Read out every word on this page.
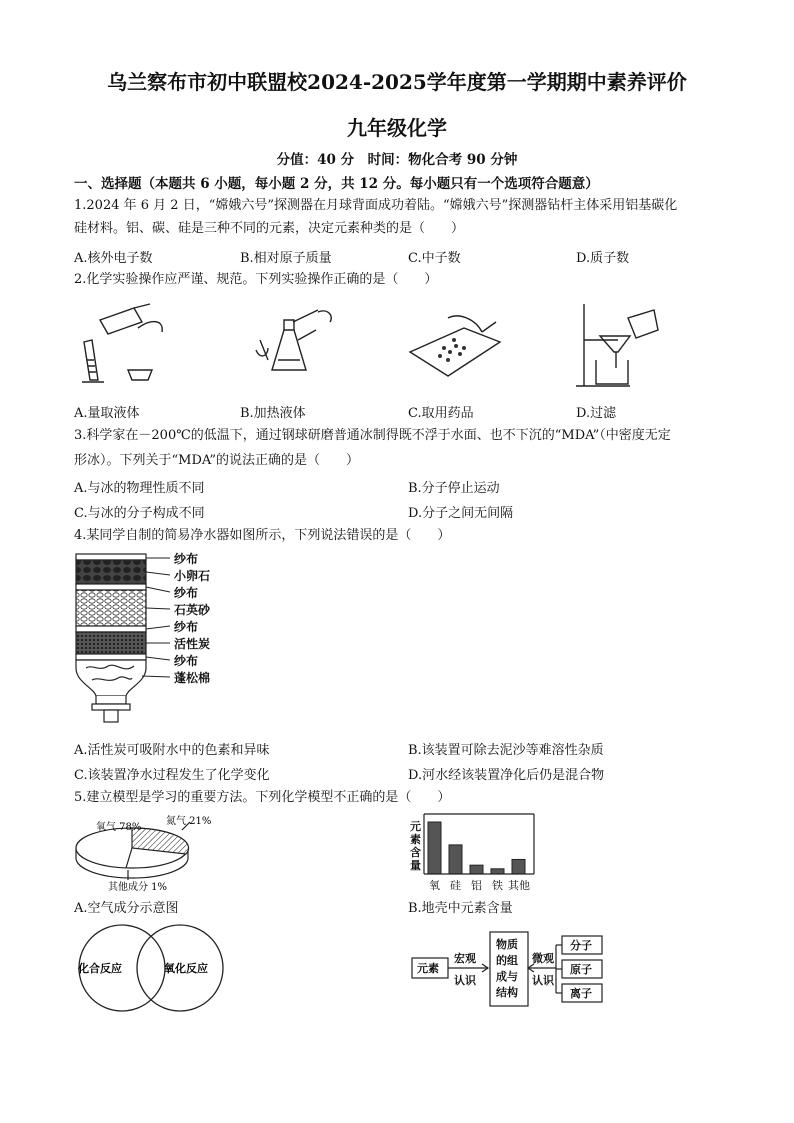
乌兰察布市初中联盟校2024-2025学年度第一学期期中素养评价
九年级化学
分值：40 分　时间：物化合考 90 分钟
一、选择题（本题共 6 小题，每小题 2 分，共 12 分。每小题只有一个选项符合题意）
1.2024 年 6 月 2 日，“嫦娥六号”探测器在月球背面成功着陆。“嫦娥六号”探测器钻杆主体采用铝基碳化
硅材料。铝、碳、硅是三种不同的元素，决定元素种类的是（　　）
A.核外电子数	B.相对原子质量	C.中子数	D.质子数
2.化学实验操作应严谨、规范。下列实验操作正确的是（　　）
A.量取液体	B.加热液体	C.取用药品	D.过滤
3.科学家在－200℃的低温下，通过钢球研磨普通冰制得既不浮于水面、也不下沉的“MDA”（中密度无定
形冰）。下列关于“MDA”的说法正确的是（　　）
A.与冰的物理性质不同	B.分子停止运动
C.与冰的分子构成不同	D.分子之间无间隔
4.某同学自制的简易净水器如图所示，下列说法错误的是（　　）
纱布
小卵石
纱布
石英砂
纱布
活性炭
纱布
蓬松棉
A.活性炭可吸附水中的色素和异味	B.该装置可除去泥沙等难溶性杂质
C.该装置净水过程发生了化学变化	D.河水经该装置净化后仍是混合物
5.建立模型是学习的重要方法。下列化学模型不正确的是（　　）
氧气 78%
氮气 21%
其他成分 1%
元
素
含
量
氧 硅 铝 铁 其他
A.空气成分示意图	B.地壳中元素含量
化合反应	氧化反应	元素
宏观
认识
物质
的组
成与
结构
微观
认识
分子
原子
离子
